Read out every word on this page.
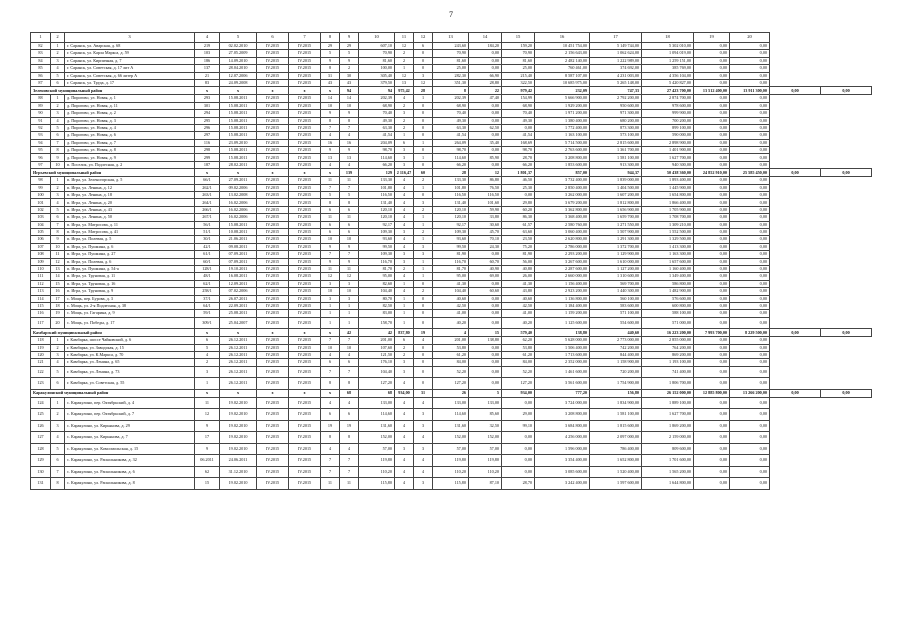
7
1	2	3	4	5	6	7	8	9	10	11	12	13	14	15	16	17	18	19	20		
82	1	г. Саранск, ул. Аварская, д. 68	219	02.02.2010	IV.2015	IV.2015	29	29	607,10	12	6	243,60	184,20	159,20	10 451 754,00	5 149 744,00	5 302 010,00	0,00	0,00		
83	2	г. Саранск, ул. Карла Маркса, д. 59	103	27.05.2009	IV.2015	IV.2015	5	5	70,90	2	0	70,90	0,00	70,90	2 156 643,00	1 062 624,00	1 094 019,00	0,00	0,00		
84	3	г. Саранск, ул. Кирпичная, д. 7	186	14.09.2010	IV.2015	IV.2015	9	9	81,60	2	0	81,60	0,00	81,60	2 482 140,00	1 222 989,00	1 259 151,00	0,00	0,00		
85	4	г. Саранск, ул. Советская, д. 17 лит А	137	28.04.2010	IV.2015	IV.2015	8	2	100,00	1	0	25,00	0,00	25,00	760 461,00	374 692,00	385 769,00	0,00	0,00		
86	5	г. Саранск, ул. Советская, д. 66 литер А	21	12.07.2006	IV.2015	IV.2015	31	30	305,40	12	3	282,30	66,90	215,40	8 587 107,00	4 231 003,00	4 356 104,00	0,00	0,00		
87	6	г. Саранск, ул. Труда, д. 17	83	24.09.2008	IV.2015	IV.2015	43	43	379,50	13	12	351,30	28,80	322,50	10 685 975,00	5 265 148,00	5 420 827,00	0,00	0,00		
Зеленовский муниципальный район			x	x	x	x	x	94	94	975,42	28	8	22	979,42	232,09	747,33	27 423 700,00	13 512 400,00	13 911 300,00	0,00	0,00
88	1	д. Пирогово, ул. Новая, д. 1	293	15.08.2011	IV.2015	IV.2015	14	14	202,39	4	1	202,39	47,40	154,99	5 666 900,00	2 792 200,00	2 874 700,00	0,00	0,00		
89	2	д. Пирогово, ул. Новая, д. 11	301	15.08.2011	IV.2015	IV.2015	10	10	68,90	2	0	68,90	0,00	68,90	1 929 200,00	950 600,00	978 600,00	0,00	0,00		
90	3	д. Пирогово, ул. Новая, д. 2	294	15.08.2011	IV.2015	IV.2015	9	9	70,40	3	0	70,40	0,00	70,40	1 971 200,00	971 300,00	999 900,00	0,00	0,00		
91	4	д. Пирогово, ул. Новая, д. 3	295	15.08.2011	IV.2015	IV.2015	8	8	49,30	2	0	49,30	0,00	49,30	1 380 400,00	680 200,00	700 200,00	0,00	0,00		
92	5	д. Пирогово, ул. Новая, д. 4	296	15.08.2011	IV.2015	IV.2015	7	7	63,30	2	0	63,30	62,50	0,00	1 772 400,00	873 300,00	899 100,00	0,00	0,00		
93	6	д. Пирогово, ул. Новая, д. 6	297	15.08.2011	IV.2015	IV.2015	4	4	41,54	1	0	41,54	0,00	41,54	1 163 100,00	573 100,00	590 000,00	0,00	0,00		
94	7	д. Пирогово, ул. Новая, д. 7	116	23.09.2010	IV.2015	IV.2015	16	16	204,09	6	1	264,09	35,40	168,69	5 714 500,00	2 815 600,00	2 898 900,00	0,00	0,00		
95	8	д. Пирогово, ул. Новая, д. 8	298	15.08.2011	IV.2015	IV.2015	9	9	98,70	3	0	98,70	0,00	98,70	2 763 600,00	1 361 700,00	1 401 900,00	0,00	0,00		
96	9	д. Пирогово, ул. Новая, д. 9	299	15.08.2011	IV.2015	IV.2015	13	13	114,60	3	1	114,60	85,90	28,70	3 208 800,00	1 581 100,00	1 627 700,00	0,00	0,00		
97	10	п. Поселок, ул. Подлесная, д. 2	187	28.02.2011	IV.2015	IV.2015	4	4	66,20	3	0	66,20	0,00	66,20	1 853 600,00	913 300,00	940 300,00	0,00	0,00		
Игрьевский муниципальный район			x	x	x	x	x	139	129	2 116,47	60	28	12	1 801,37	857,00	944,37	50 438 360,00	24 852 910,00	25 585 450,00	0,00	0,00
98	1	п. Игра, ул. Зеленогорская, д. 5	66/1	27.09.2011	IV.2015	IV.2015	11	11	133,30	4	2	133,30	86,80	46,50	3 732 400,00	1 839 000,00	1 893 400,00	0,00	0,00		
99	2	п. Игра, ул. Ленина, д. 12	262/1	09.02.2006	IV.2015	IV.2015	7	7	101,80	4	1	101,80	76,50	25,30	2 850 400,00	1 404 500,00	1 445 900,00	0,00	0,00		
100	3	п. Игра, ул. Ленина, д. 18	263/1	13.02.2008	IV.2015	IV.2015	5	5	116,50	4	0	116,50	116,50	0,00	3 262 000,00	1 607 200,00	1 654 800,00	0,00	0,00		
101	4	п. Игра, ул. Ленина, д. 20	264/1	16.02.2006	IV.2015	IV.2015	8	8	131,40	4	3	131,40	101,60	29,80	3 679 200,00	1 812 800,00	1 866 400,00	0,00	0,00		
102	5	п. Игра, ул. Ленина, д. 43	266/1	16.02.2006	IV.2015	IV.2015	6	6	120,10	4	2	120,10	59,90	60,20	3 362 800,00	1 656 900,00	1 705 900,00	0,00	0,00		
103	6	п. Игра, ул. Ленина, д. 50	267/1	16.02.2006	IV.2015	IV.2015	11	11	120,10	4	1	120,10	33,80	86,30	3 368 400,00	1 659 700,00	1 708 700,00	0,00	0,00		
104	7	п. Игра, ул. Матросова, д. 11	56/1	15.08.2011	IV.2015	IV.2015	6	6	92,17	4	1	92,17	30,60	61,57	2 580 760,00	1 271 550,00	1 309 210,00	0,00	0,00		
105	8	п. Игра, ул. Матросова, д. 41	51/1	10.08.2011	IV.2015	IV.2015	6	6	109,30	3	2	109,30	45,70	63,60	3 060 400,00	1 507 900,00	1 552 500,00	0,00	0,00		
106	9	п. Игра, ул. Полевая, д. 5	30/1	21.06.2011	IV.2015	IV.2015	10	10	93,60	4	1	93,60	70,10	23,50	2 620 800,00	1 291 300,00	1 329 500,00	0,00	0,00		
107	10	п. Игра, ул. Пушкина, д. 6	42/1	09.08.2011	IV.2015	IV.2015	9	9	99,50	4	3	99,50	24,30	75,20	2 786 000,00	1 372 700,00	1 413 300,00	0,00	0,00		
108	11	п. Игра, ул. Пушкина, д. 27	61/1	07.09.2011	IV.2015	IV.2015	7	7	109,30	3	3	81,90	0,00	81,90	2 293 200,00	1 129 900,00	1 163 300,00	0,00	0,00		
109	12	п. Игра, ул. Полевая, д. 6	60/1	07.09.2011	IV.2015	IV.2015	9	9	116,70	3	1	116,70	60,70	56,00	3 267 600,00	1 610 000,00	1 657 600,00	0,00	0,00		
110	13	п. Игра, ул. Пушкина, д. 54-а	128/1	19.10.2011	IV.2015	IV.2015	11	11	81,70	2	1	81,70	40,90	40,80	2 287 600,00	1 127 200,00	1 160 400,00	0,00	0,00		
111	14	п. Игра, ул. Труновая, д. 11	48/1	16.08.2011	IV.2015	IV.2015	12	12	95,00	4	1	95,00	69,00	26,00	2 660 000,00	1 310 600,00	1 349 400,00	0,00	0,00		
112	15	п. Игра, ул. Труновая, д. 16	62/1	12.09.2011	IV.2015	IV.2015	3	3	82,60	1	0	41,30	0,00	41,30	1 156 400,00	569 700,00	586 800,00	0,00	0,00		
113	16	п. Игра, ул. Труновая, д. 9	258/1	07.02.2006	IV.2015	IV.2015	10	10	104,40	4	2	104,40	60,60	43,80	2 923 200,00	1 440 300,00	1 482 900,00	0,00	0,00		
114	17	с. Мощь, пер. Бурова, д. 3	37/1	26.07.2011	IV.2015	IV.2015	3	3	80,70	1	0	40,60	0,00	40,60	1 136 800,00	560 100,00	576 600,00	0,00	0,00		
115	18	с. Мощь, ул. 2-я Подлесная, д. 38	64/1	22.09.2011	IV.2015	IV.2015	1	1	82,50	1	0	42,50	0,00	42,50	1 184 400,00	583 600,00	600 800,00	0,00	0,00		
116	19	с. Мощь, ул. Гагарина, д. 9	59/1	25.08.2011	IV.2015	IV.2015	1	1	83,00	1	0	41,00	0,00	41,00	1 159 200,00	571 100,00	588 100,00	0,00	0,00		
117	20	с. Мощь, ул. Победы, д. 17	309/1	25.04.2007	IV.2015	IV.2015	1	1	158,70	1	0	40,20	0,00	40,20	1 125 600,00	554 600,00	571 000,00	0,00	0,00		
Камбарский муниципальный район			x	x	x	x	x	42	42	837,80	19	4	15	579,40	138,80	440,60	16 223 200,00	7 993 700,00	8 229 500,00	0,00	0,00
118	1	г. Камбарка, шоссе Чайковский, д. 6	6	26.12.2011	IV.2015	IV.2015	7	7	201,00	6	4	201,00	138,80	62,20	5 628 000,00	2 773 000,00	2 855 000,00	0,00	0,00		
119	2	г. Камбарка, ул. Заводская, д. 15	5	26.12.2011	IV.2015	IV.2015	10	10	107,60	2	0	53,80	0,00	53,80	1 506 400,00	742 200,00	764 200,00	0,00	0,00		
120	3	г. Камбарка, ул. К.Маркса, д. 70	4	26.12.2011	IV.2015	IV.2015	4	4	121,50	2	0	61,20	0,00	61,20	1 713 600,00	844 400,00	869 200,00	0,00	0,00		
121	4	г. Камбарка, ул. Ленина, д. 65	2	26.12.2011	IV.2015	IV.2015	6	6	176,10	3	0	84,00	0,00	84,00	2 352 000,00	1 158 900,00	1 193 100,00	0,00	0,00		
122	5	г. Камбарка, ул. Ленина, д. 73	3	26.12.2011	IV.2015	IV.2015	7	7	104,40	3	0	52,20	0,00	52,20	1 461 600,00	720 200,00	741 400,00	0,00	0,00		
123	6	г. Камбарка, ул. Советская, д. 55	1	26.12.2011	IV.2015	IV.2015	8	8	127,20	4	0	127,20	0,00	127,20	3 561 600,00	1 754 900,00	1 806 700,00	0,00	0,00		
Каракулинский муниципальный район			x	x	x	x	x	68	68	934,00	31	26	5	934,00	777,20	156,80	26 152 000,00	12 885 800,00	13 266 200,00	0,00	0,00
124	1	с. Каракулино, пер. Октябрьский, д. 4	11	19.02.2010	IV.2015	IV.2015	4	4	133,00	4	4	133,00	133,00	0,00	3 724 000,00	1 834 900,00	1 889 100,00	0,00	0,00		
125	2	с. Каракулино, пер. Октябрьский, д. 7	12	19.02.2010	IV.2015	IV.2015	6	6	114,60	4	3	114,60	85,60	29,00	3 208 800,00	1 581 100,00	1 627 700,00	0,00	0,00		
126	3	с. Каракулино, ул. Кирьянова, д. 29	9	19.02.2010	IV.2015	IV.2015	19	19	131,60	4	3	131,60	32,50	99,10	3 684 800,00	1 815 600,00	1 869 200,00	0,00	0,00		
127	4	с. Каракулино, ул. Кирьянова, д. 7	17	19.02.2010	IV.2015	IV.2015	8	8	152,00	4	4	152,00	152,00	0,00	4 256 000,00	2 097 000,00	2 159 000,00	0,00	0,00		
128	5	с. Каракулино, ул. Комсомольская, д. 15	9	19.02.2010	IV.2015	IV.2015	4	4	57,00	3	3	57,00	57,00	0,00	1 596 000,00	786 400,00	809 600,00	0,00	0,00		
129	6	с. Каракулино, ул. Раскольникова, д. 32	06.2011	24.06.2011	IV.2015	IV.2015	7	7	119,80	4	4	119,80	119,80	0,00	3 354 400,00	1 652 800,00	1 701 600,00	0,00	0,00		
130	7	с. Каракулино, ул. Раскольникова, д. 6	62	31.12.2010	IV.2015	IV.2015	7	7	110,20	4	4	110,20	110,20	0,00	3 085 600,00	1 520 400,00	1 565 200,00	0,00	0,00		
131	8	с. Каракулино, ул. Раскольникова, д. 8	15	19.02.2010	IV.2015	IV.2015	11	11	115,80	4	3	115,80	87,10	28,70	3 242 400,00	1 597 600,00	1 644 800,00	0,00	0,00		
